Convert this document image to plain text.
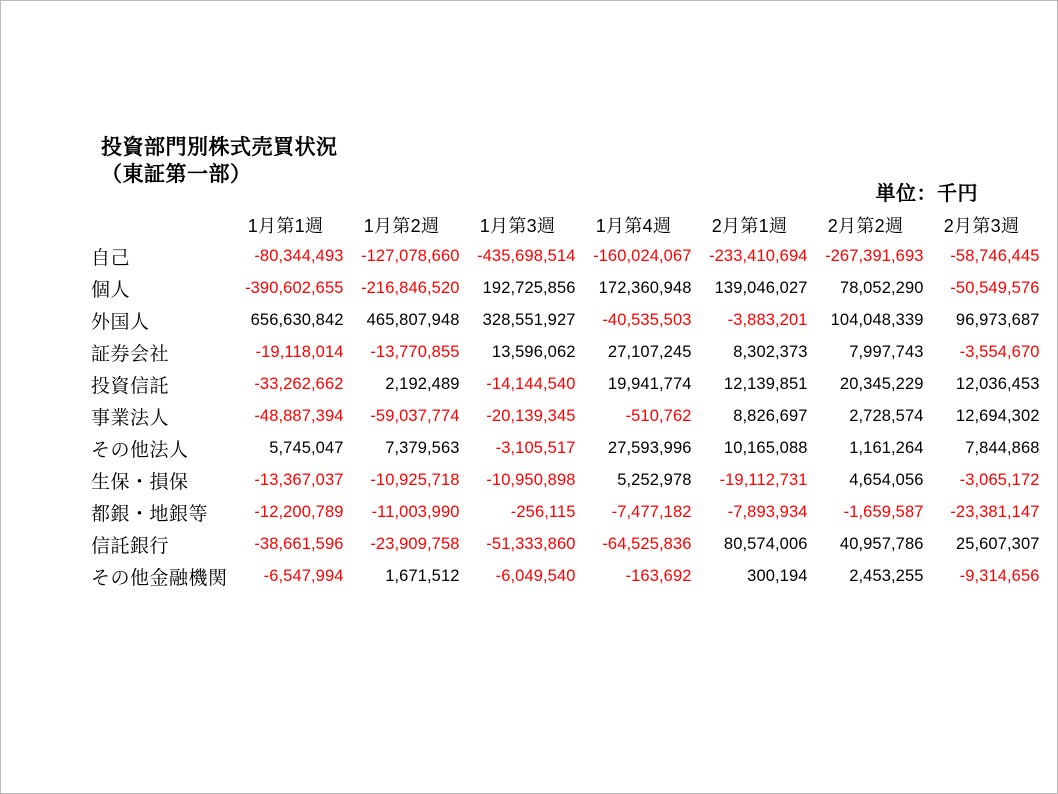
投資部門別株式売買状況
（東証第一部）
単位：千円
	1月第1週	1月第2週	1月第3週	1月第4週	2月第1週	2月第2週	2月第3週
自己	-80,344,493	-127,078,660	-435,698,514	-160,024,067	-233,410,694	-267,391,693	-58,746,445
個人	-390,602,655	-216,846,520	192,725,856	172,360,948	139,046,027	78,052,290	-50,549,576
外国人	656,630,842	465,807,948	328,551,927	-40,535,503	-3,883,201	104,048,339	96,973,687
証券会社	-19,118,014	-13,770,855	13,596,062	27,107,245	8,302,373	7,997,743	-3,554,670
投資信託	-33,262,662	2,192,489	-14,144,540	19,941,774	12,139,851	20,345,229	12,036,453
事業法人	-48,887,394	-59,037,774	-20,139,345	-510,762	8,826,697	2,728,574	12,694,302
その他法人	5,745,047	7,379,563	-3,105,517	27,593,996	10,165,088	1,161,264	7,844,868
生保・損保	-13,367,037	-10,925,718	-10,950,898	5,252,978	-19,112,731	4,654,056	-3,065,172
都銀・地銀等	-12,200,789	-11,003,990	-256,115	-7,477,182	-7,893,934	-1,659,587	-23,381,147
信託銀行	-38,661,596	-23,909,758	-51,333,860	-64,525,836	80,574,006	40,957,786	25,607,307
その他金融機関	-6,547,994	1,671,512	-6,049,540	-163,692	300,194	2,453,255	-9,314,656
